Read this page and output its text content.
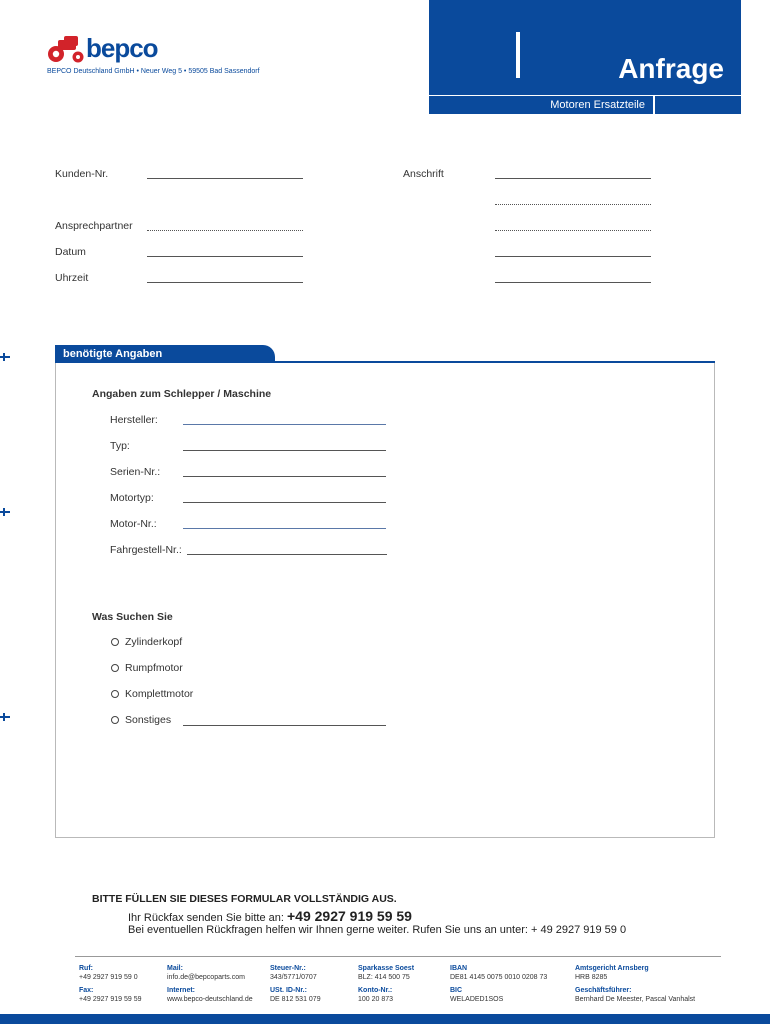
bepco
BEPCO Deutschland GmbH • Neuer Weg 5 • 59505 Bad Sassendorf	Anfrage
Motoren Ersatzteile
Kunden-Nr.	Anschrift
Ansprechpartner
Datum
Uhrzeit
benötigte Angaben
Angaben zum Schlepper / Maschine
Hersteller:
Typ:
Serien-Nr.:
Motortyp:
Motor-Nr.:
Fahrgestell-Nr.:
Was Suchen Sie
Zylinderkopf
Rumpfmotor
Komplettmotor
Sonstiges
BITTE FÜLLEN SIE DIESES FORMULAR VOLLSTÄNDIG AUS.
Ihr Rückfax senden Sie bitte an: +49 2927 919 59 59
Bei eventuellen Rückfragen helfen wir Ihnen gerne weiter. Rufen Sie uns an unter: + 49 2927 919 59 0
Ruf:
+49 2927 919 59 0
Fax:
+49 2927 919 59 59
Mail:
info.de@bepcoparts.com
Internet:
www.bepco-deutschland.de
Steuer-Nr.:
343/5771/0707
USt. ID-Nr.:
DE 812 531 079
Sparkasse Soest
BLZ: 414 500 75
Konto-Nr.:
100 20 873
IBAN
DE81 4145 0075 0010 0208 73
BIC
WELADED1SOS
Amtsgericht Arnsberg
HRB 8285
Geschäftsführer:
Bernhard De Meester, Pascal Vanhalst
